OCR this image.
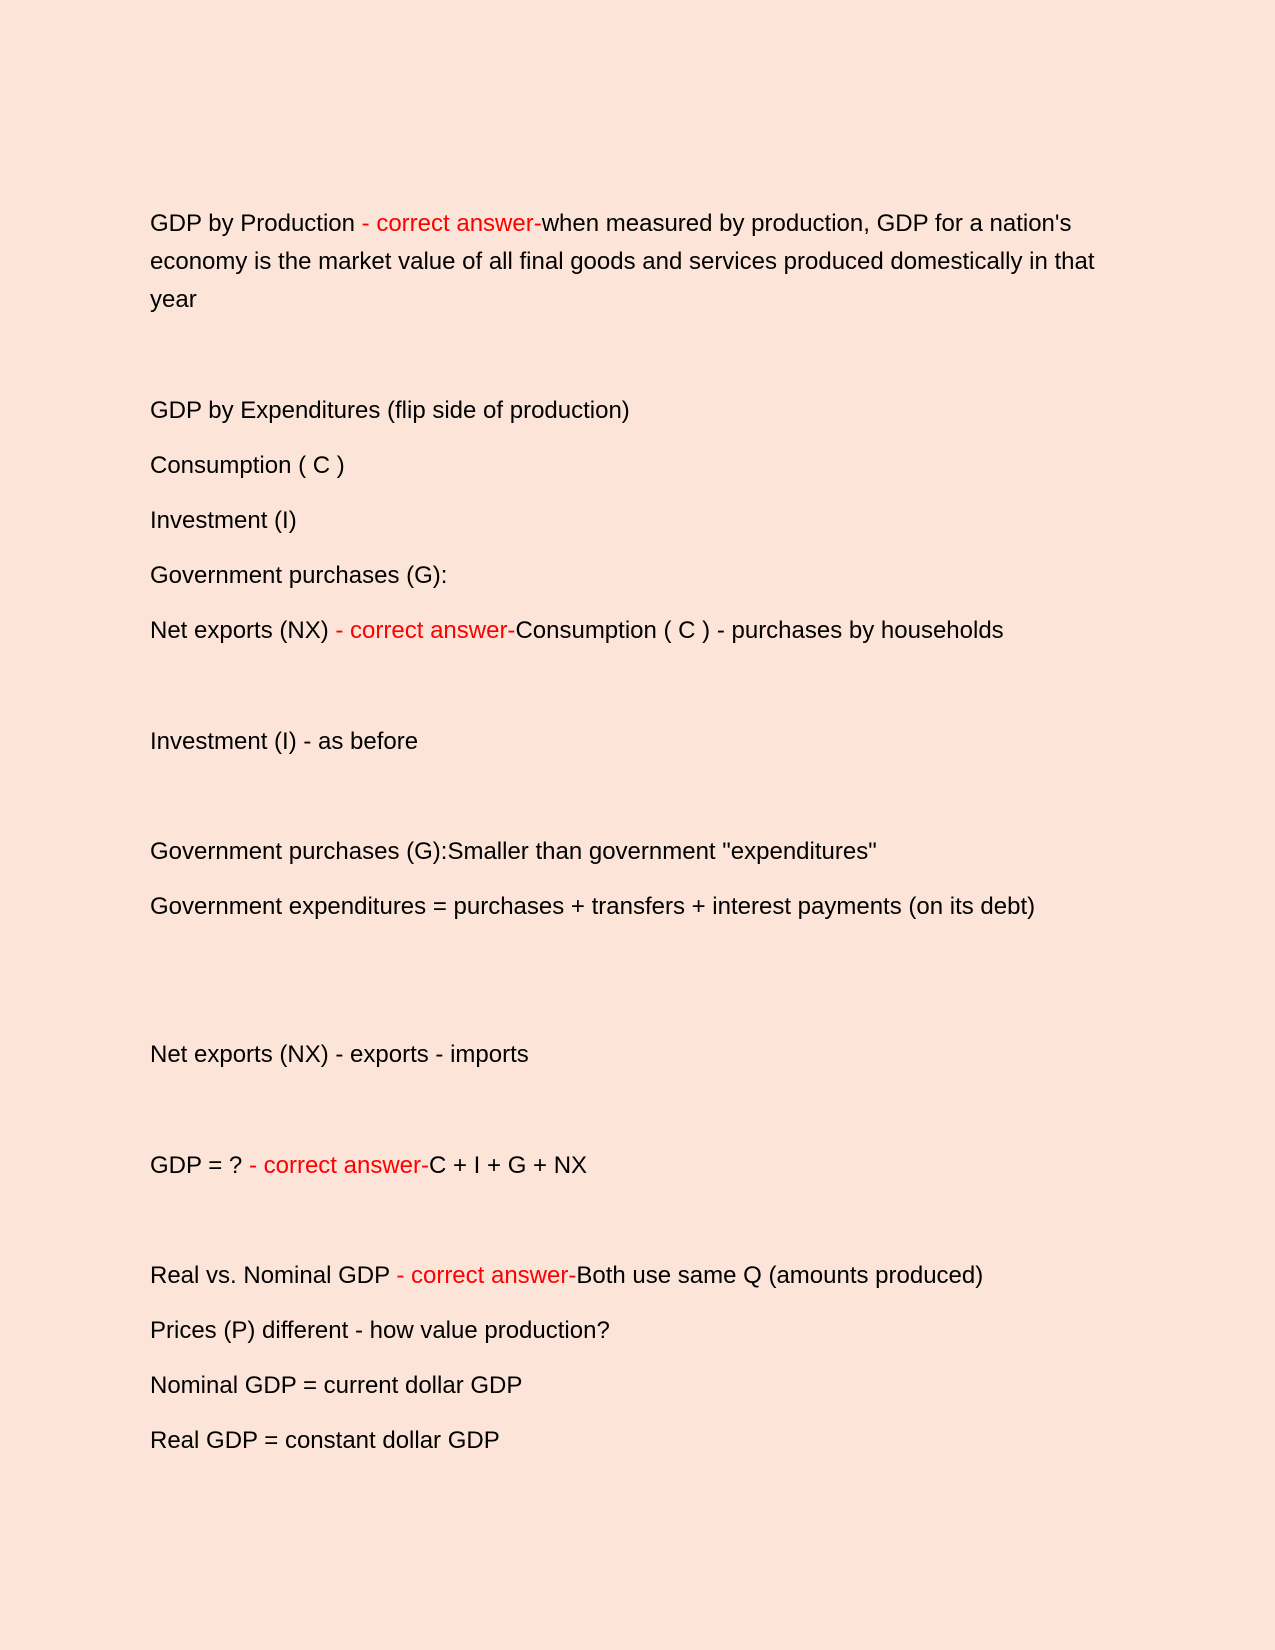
GDP by Production - correct answer-when measured by production, GDP for a nation's economy is the market value of all final goods and services produced domestically in that year
GDP by Expenditures (flip side of production)
Consumption ( C )
Investment (I)
Government purchases (G):
Net exports (NX) - correct answer-Consumption ( C ) - purchases by households
Investment (I) - as before
Government purchases (G):Smaller than government "expenditures"
Government expenditures = purchases + transfers + interest payments (on its debt)
Net exports (NX) - exports - imports
GDP = ? - correct answer-C + I + G + NX
Real vs. Nominal GDP - correct answer-Both use same Q (amounts produced)
Prices (P) different - how value production?
Nominal GDP = current dollar GDP
Real GDP = constant dollar GDP
